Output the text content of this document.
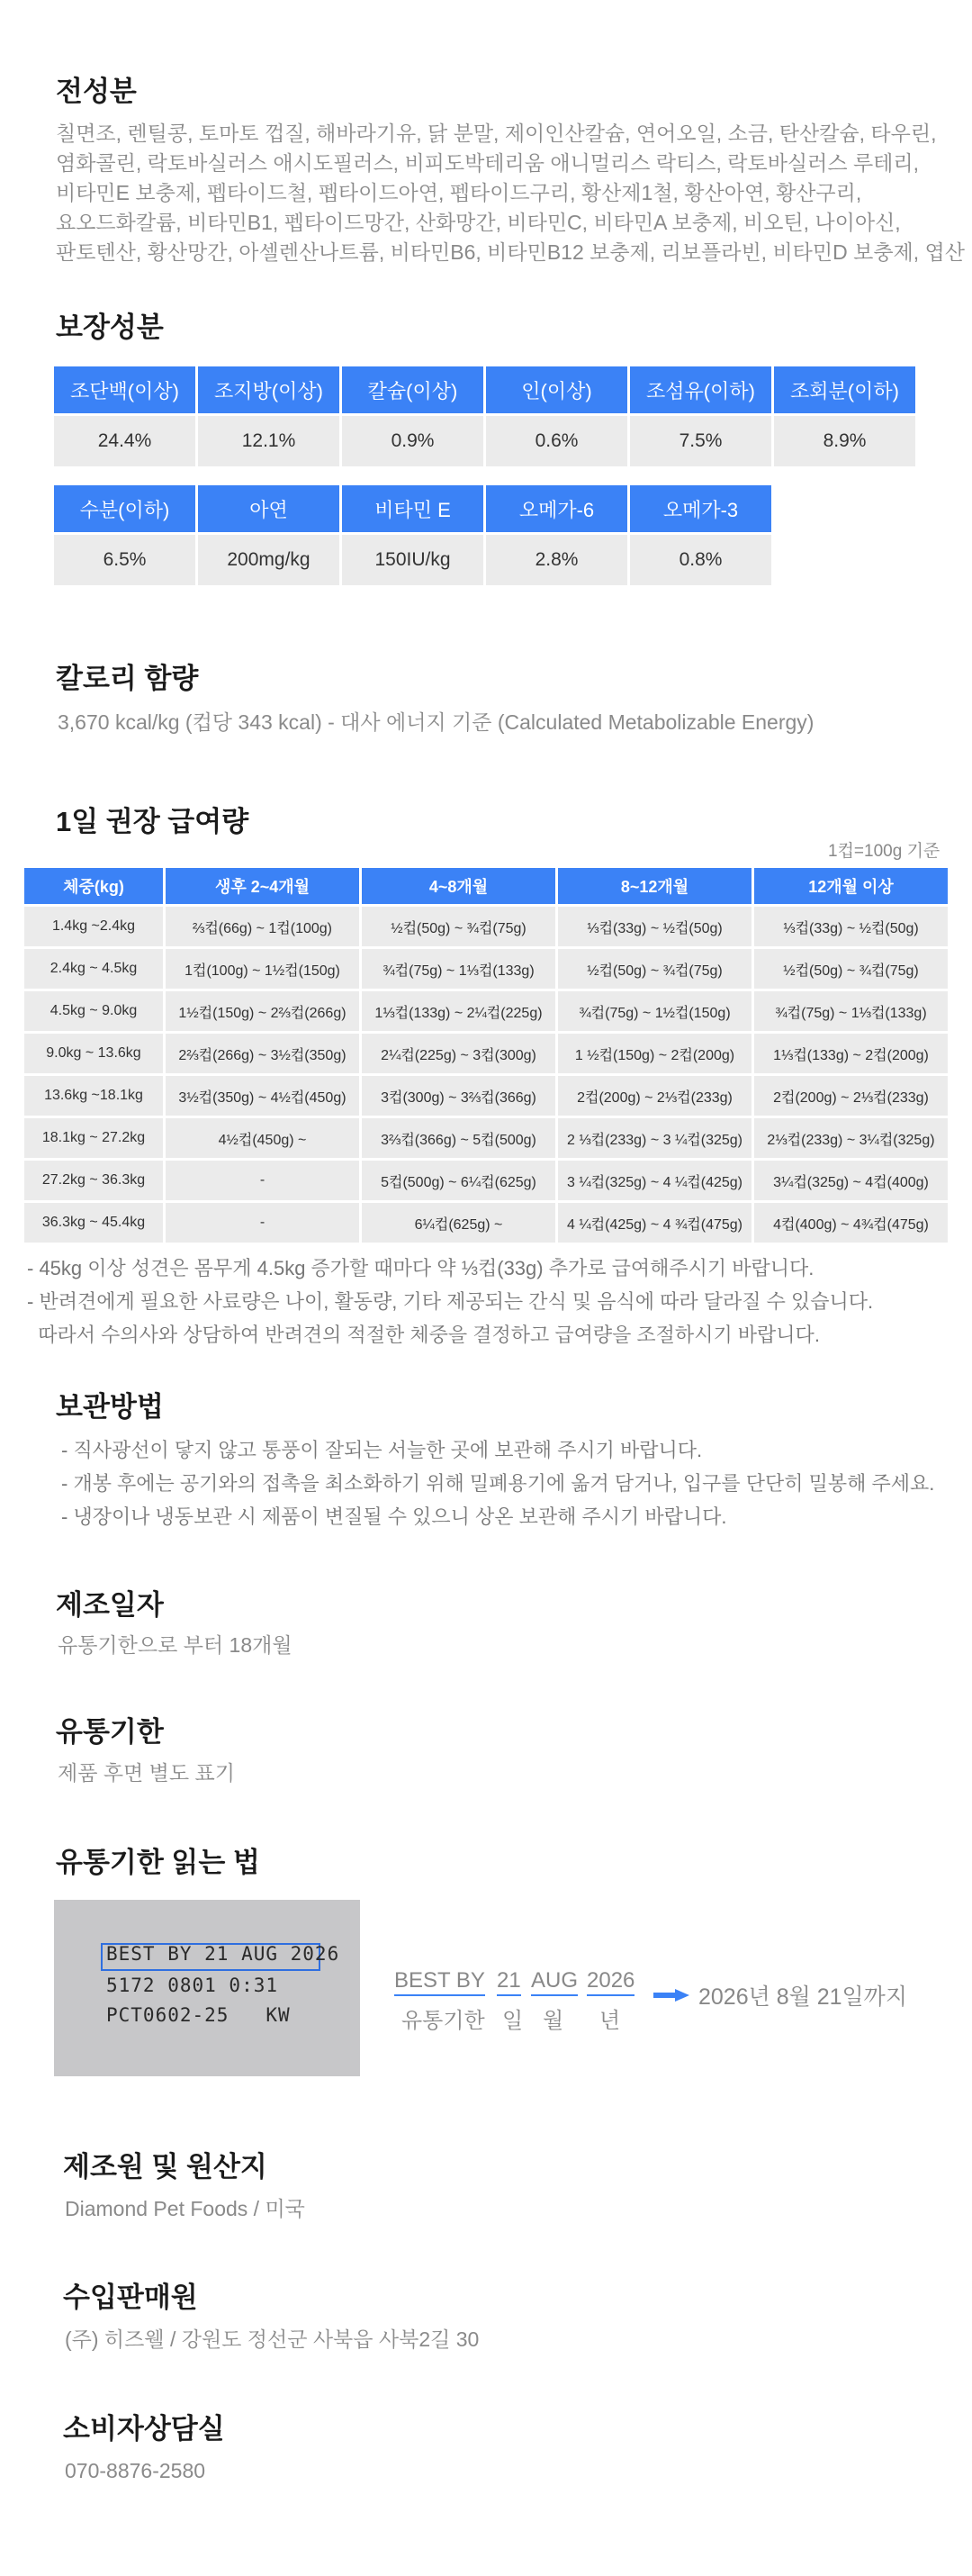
전성분
칠면조, 렌틸콩, 토마토 껍질, 해바라기유, 닭 분말, 제이인산칼슘, 연어오일, 소금, 탄산칼슘, 타우린,
염화콜린, 락토바실러스 애시도필러스, 비피도박테리움 애니멀리스 락티스, 락토바실러스 루테리,
비타민E 보충제, 펩타이드철, 펩타이드아연, 펩타이드구리, 황산제1철, 황산아연, 황산구리,
요오드화칼륨, 비타민B1, 펩타이드망간, 산화망간, 비타민C, 비타민A 보충제, 비오틴, 나이아신,
판토텐산, 황산망간, 아셀렌산나트륨, 비타민B6, 비타민B12 보충제, 리보플라빈, 비타민D 보충제, 엽산
보장성분
조단백(이상)	조지방(이상)	칼슘(이상)	인(이상)	조섬유(이하)	조회분(이하)
24.4%	12.1%	0.9%	0.6%	7.5%	8.9%
수분(이하)	아연	비타민 E	오메가-6	오메가-3
6.5%	200mg/kg	150IU/kg	2.8%	0.8%
칼로리 함량
3,670 kcal/kg (컵당 343 kcal) - 대사 에너지 기준 (Calculated Metabolizable Energy)
1일 권장 급여량
1컵=100g 기준
체중(kg)	생후 2~4개월	4~8개월	8~12개월	12개월 이상
1.4kg ~2.4kg	⅔컵(66g) ~ 1컵(100g)	½컵(50g) ~ ¾컵(75g)	⅓컵(33g) ~ ½컵(50g)	⅓컵(33g) ~ ½컵(50g)
2.4kg ~ 4.5kg	1컵(100g) ~ 1½컵(150g)	¾컵(75g) ~ 1⅓컵(133g)	½컵(50g) ~ ¾컵(75g)	½컵(50g) ~ ¾컵(75g)
4.5kg ~ 9.0kg	1½컵(150g) ~ 2⅔컵(266g)	1⅓컵(133g) ~ 2¼컵(225g)	¾컵(75g) ~ 1½컵(150g)	¾컵(75g) ~ 1⅓컵(133g)
9.0kg ~ 13.6kg	2⅔컵(266g) ~ 3½컵(350g)	2¼컵(225g) ~ 3컵(300g)	1 ½컵(150g) ~ 2컵(200g)	1⅓컵(133g) ~ 2컵(200g)
13.6kg ~18.1kg	3½컵(350g) ~ 4½컵(450g)	3컵(300g) ~ 3⅔컵(366g)	2컵(200g) ~ 2⅓컵(233g)	2컵(200g) ~ 2⅓컵(233g)
18.1kg ~ 27.2kg	4½컵(450g) ~	3⅔컵(366g) ~ 5컵(500g)	2 ⅓컵(233g) ~ 3 ¼컵(325g)	2⅓컵(233g) ~ 3¼컵(325g)
27.2kg ~ 36.3kg	-	5컵(500g) ~ 6¼컵(625g)	3 ¼컵(325g) ~ 4 ¼컵(425g)	3¼컵(325g) ~ 4컵(400g)
36.3kg ~ 45.4kg	-	6¼컵(625g) ~	4 ¼컵(425g) ~ 4 ¾컵(475g)	4컵(400g) ~ 4¾컵(475g)
- 45kg 이상 성견은 몸무게 4.5kg 증가할 때마다 약 ⅓컵(33g) 추가로 급여해주시기 바랍니다.
- 반려견에게 필요한 사료량은 나이, 활동량, 기타 제공되는 간식 및 음식에 따라 달라질 수 있습니다.
따라서 수의사와 상담하여 반려견의 적절한 체중을 결정하고 급여량을 조절하시기 바랍니다.
보관방법
- 직사광선이 닿지 않고 통풍이 잘되는 서늘한 곳에 보관해 주시기 바랍니다.
- 개봉 후에는 공기와의 접촉을 최소화하기 위해 밀폐용기에 옮겨 담거나, 입구를 단단히 밀봉해 주세요.
- 냉장이나 냉동보관 시 제품이 변질될 수 있으니 상온 보관해 주시기 바랍니다.
제조일자
유통기한으로 부터 18개월
유통기한
제품 후면 별도 표기
유통기한 읽는 법
BEST BY 21 AUG 2026
5172 0801 0:31
PCT0602-25   KW
BEST BY
유통기한
21
일
AUG
월
2026
년
2026년 8월 21일까지
제조원 및 원산지
Diamond Pet Foods / 미국
수입판매원
(주) 히즈웰 / 강원도 정선군 사북읍 사북2길 30
소비자상담실
070-8876-2580
